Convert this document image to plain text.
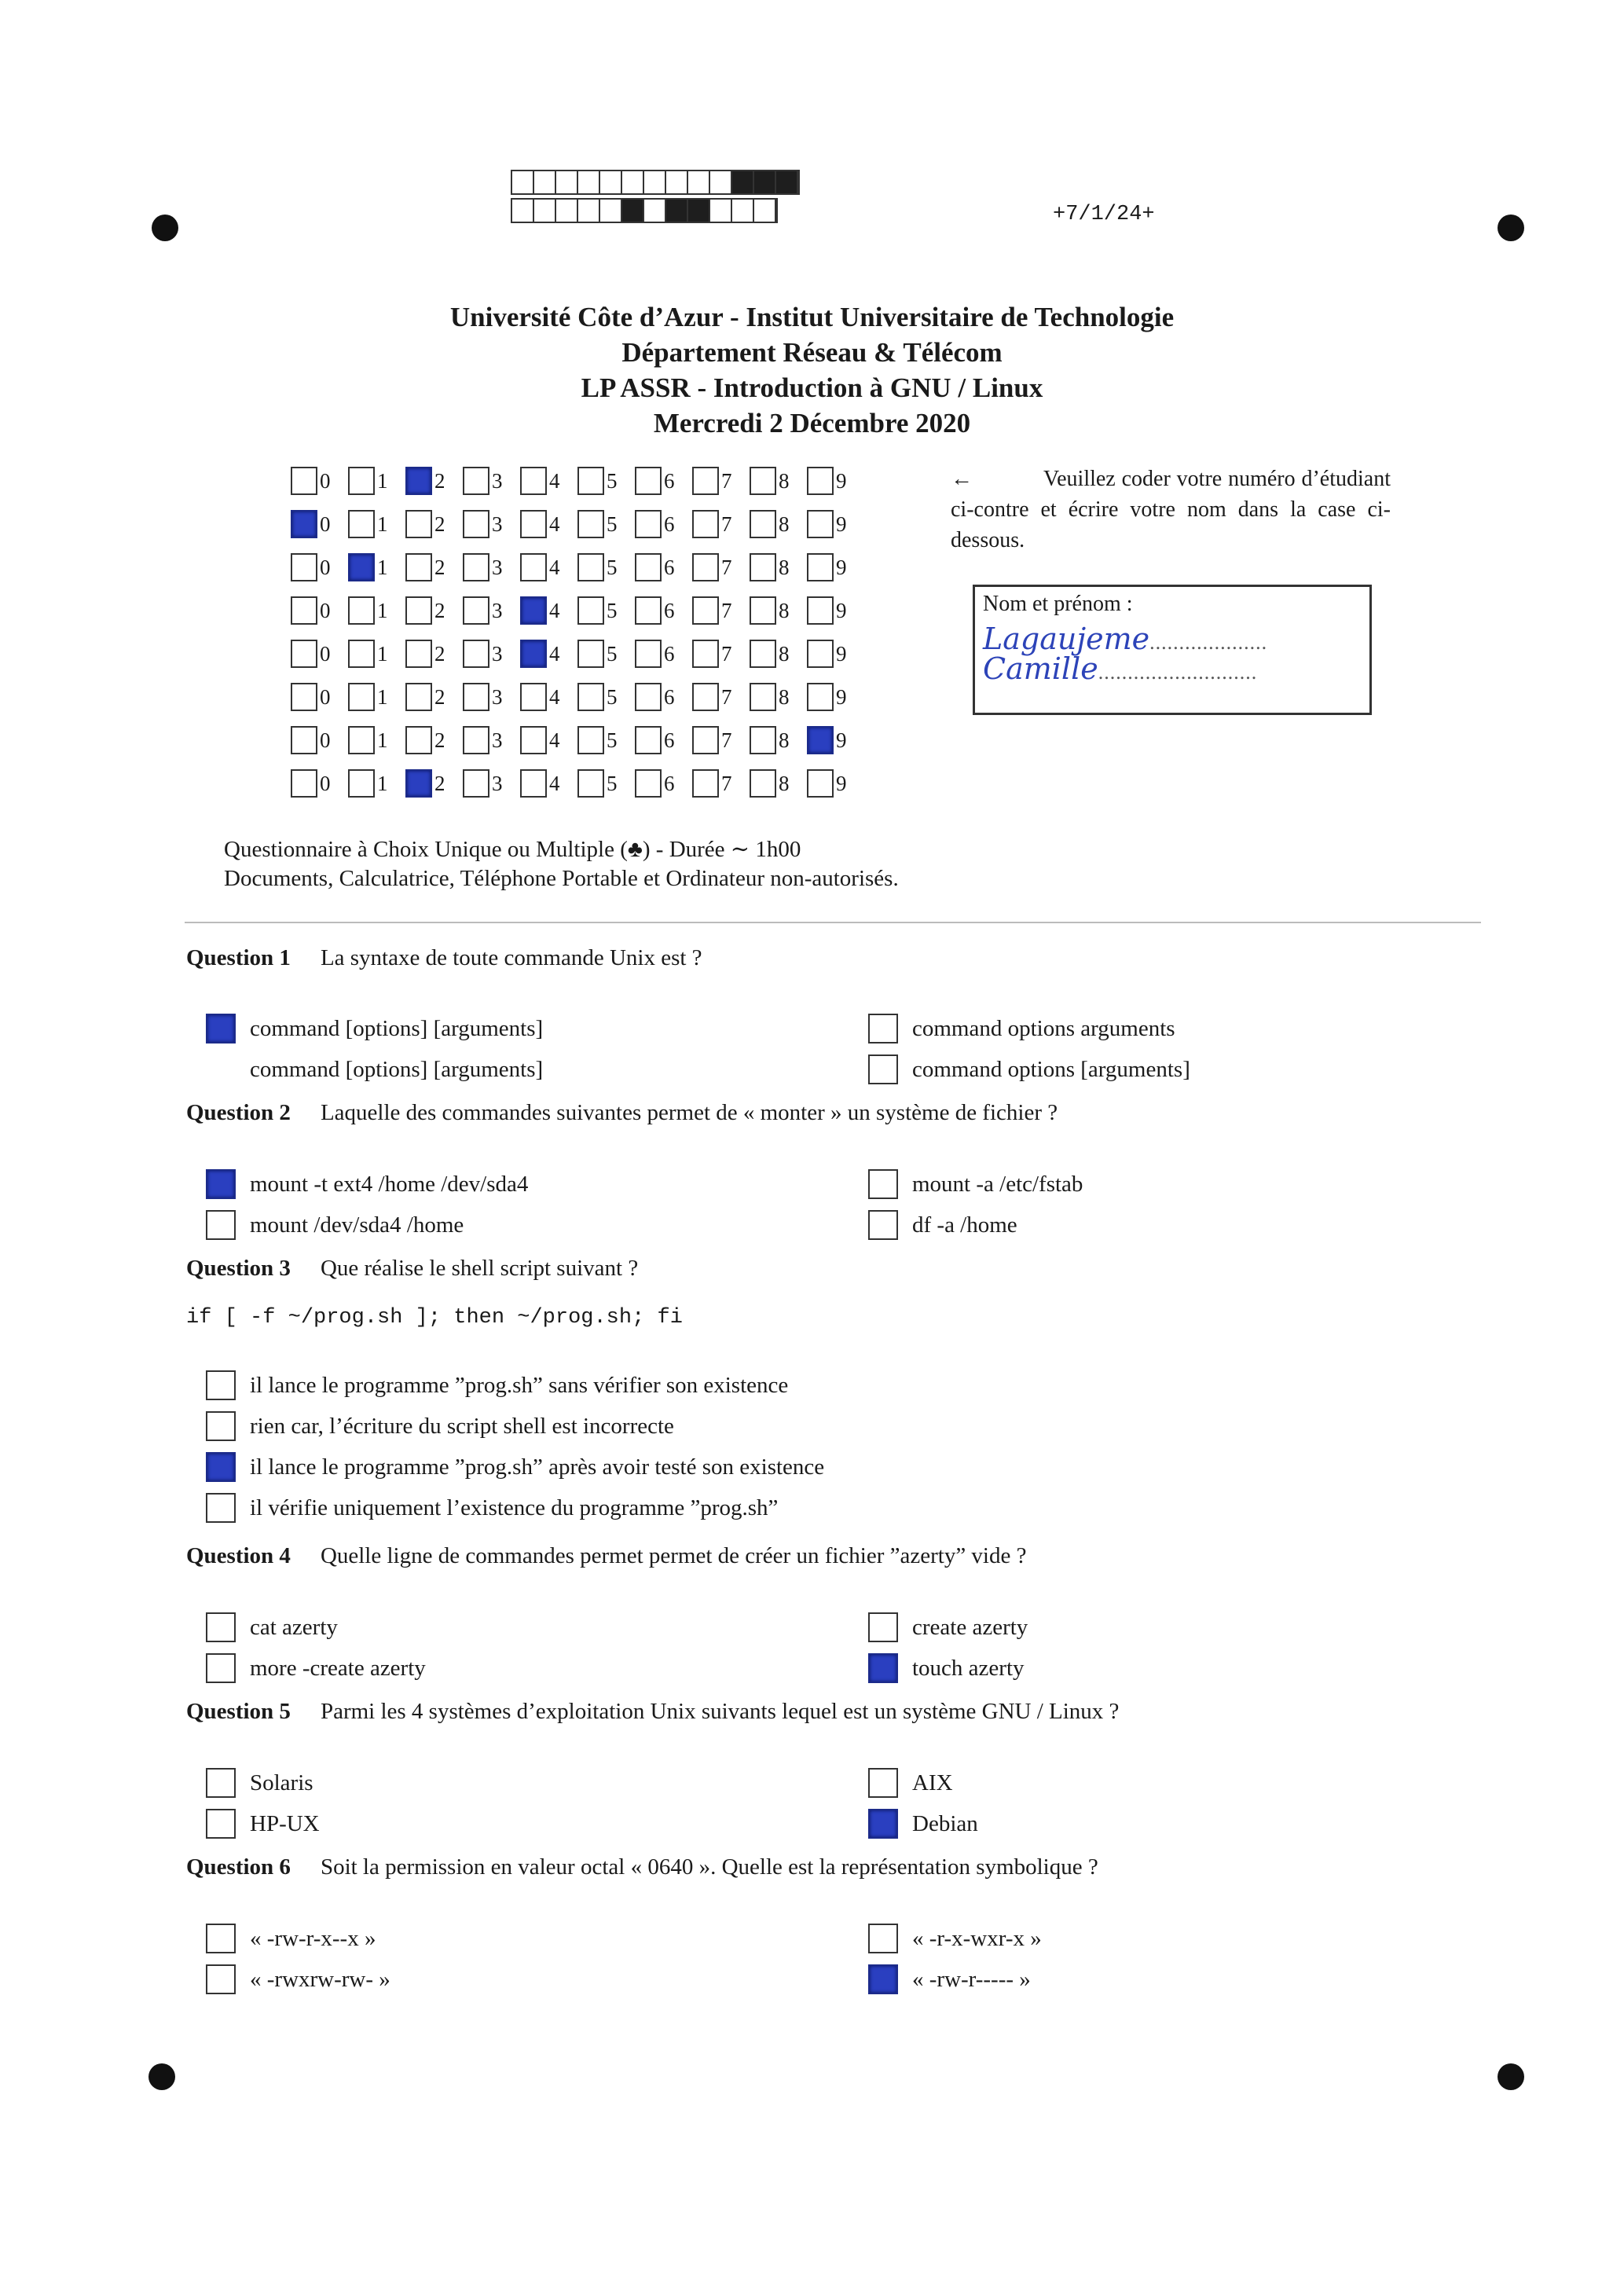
+7/1/24+
Université Côte d’Azur - Institut Universitaire de Technologie
Département Réseau & Télécom
LP ASSR - Introduction à GNU / Linux
Mercredi 2 Décembre 2020
0 1 2 3 4 5 6 7 8 9
0 1 2 3 4 5 6 7 8 9
0 1 2 3 4 5 6 7 8 9
0 1 2 3 4 5 6 7 8 9
0 1 2 3 4 5 6 7 8 9
0 1 2 3 4 5 6 7 8 9
0 1 2 3 4 5 6 7 8 9
0 1 2 3 4 5 6 7 8 9
←	Veuillez coder votre numéro d’étudiant ci-contre et écrire votre nom dans la case ci-dessous.
Nom et prénom :
Lagaujeme....................
Camille...........................
Questionnaire à Choix Unique ou Multiple (♣) - Durée ∼ 1h00
Documents, Calculatrice, Téléphone Portable et Ordinateur non-autorisés.
Question 1 La syntaxe de toute commande Unix est ?
command [options] [arguments]	command options arguments
command [options] [arguments]	command options [arguments]
Question 2 Laquelle des commandes suivantes permet de « monter » un système de fichier ?
mount -t ext4 /home /dev/sda4	mount -a /etc/fstab
mount /dev/sda4 /home	df -a /home
Question 3 Que réalise le shell script suivant ?
if [ -f ~/prog.sh ]; then ~/prog.sh; fi
il lance le programme ”prog.sh” sans vérifier son existence
rien car, l’écriture du script shell est incorrecte
il lance le programme ”prog.sh” après avoir testé son existence
il vérifie uniquement l’existence du programme ”prog.sh”
Question 4 Quelle ligne de commandes permet permet de créer un fichier ”azerty” vide ?
cat azerty	create azerty
more -create azerty	touch azerty
Question 5 Parmi les 4 systèmes d’exploitation Unix suivants lequel est un système GNU / Linux ?
Solaris	AIX
HP-UX	Debian
Question 6 Soit la permission en valeur octal « 0640 ». Quelle est la représentation symbolique ?
« -rw-r-x--x »	« -r-x-wxr-x »
« -rwxrw-rw- »	« -rw-r----- »
